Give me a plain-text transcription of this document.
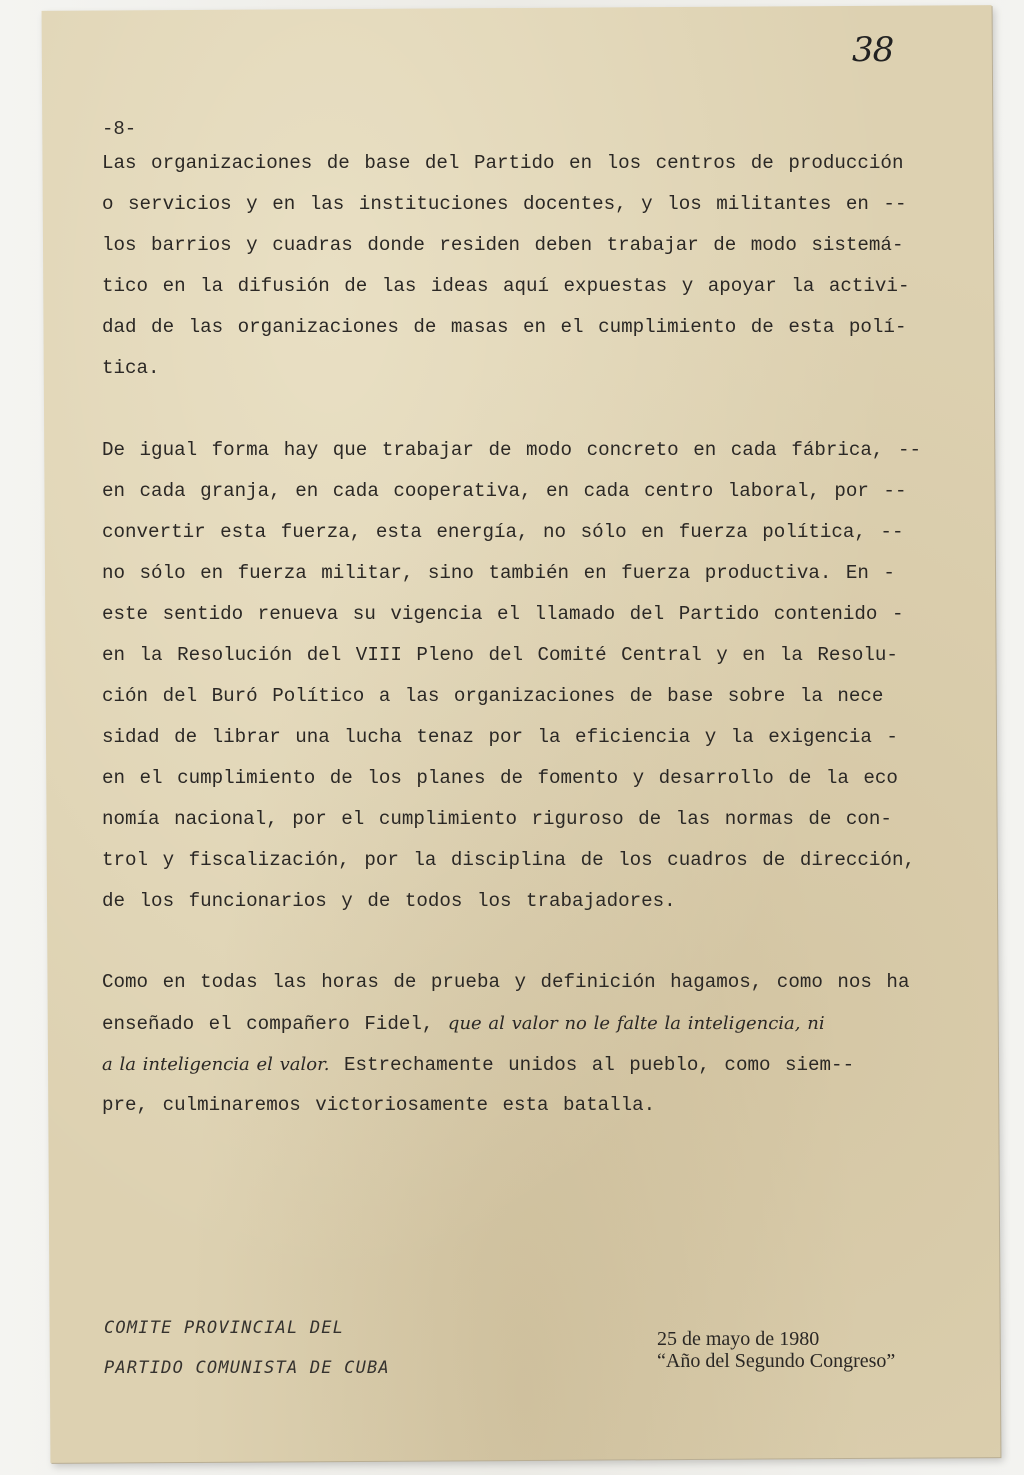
38
-8-
Las organizaciones de base del Partido en los centros de producción
o servicios y en las instituciones docentes, y los militantes en --
los barrios y cuadras donde residen deben trabajar de modo sistemá-
tico en la difusión de las ideas aquí expuestas y apoyar la activi-
dad de las organizaciones de masas en el cumplimiento de esta polí-
tica.
De igual forma hay que trabajar de modo concreto en cada fábrica, --
en cada granja, en cada cooperativa, en cada centro laboral, por --
convertir esta fuerza, esta energía, no sólo en fuerza política, --
no sólo en fuerza militar, sino también en fuerza productiva. En -
este sentido renueva su vigencia el llamado del Partido contenido -
en la Resolución del VIII Pleno del Comité Central y en la Resolu-
ción del Buró Político a las organizaciones de base sobre la nece
sidad de librar una lucha tenaz por la eficiencia y la exigencia -
en el cumplimiento de los planes de fomento y desarrollo de la eco
nomía nacional, por el cumplimiento riguroso de las normas de con-
trol y fiscalización, por la disciplina de los cuadros de dirección,
de los funcionarios y de todos los trabajadores.
Como en todas las horas de prueba y definición hagamos, como nos ha
enseñado el compañero Fidel, que al valor no le falte la inteligencia, ni
a la inteligencia el valor. Estrechamente unidos al pueblo, como siem--
pre, culminaremos victoriosamente esta batalla.
COMITE PROVINCIAL DEL
PARTIDO COMUNISTA DE CUBA
25 de mayo de 1980
“Año del Segundo Congreso”
